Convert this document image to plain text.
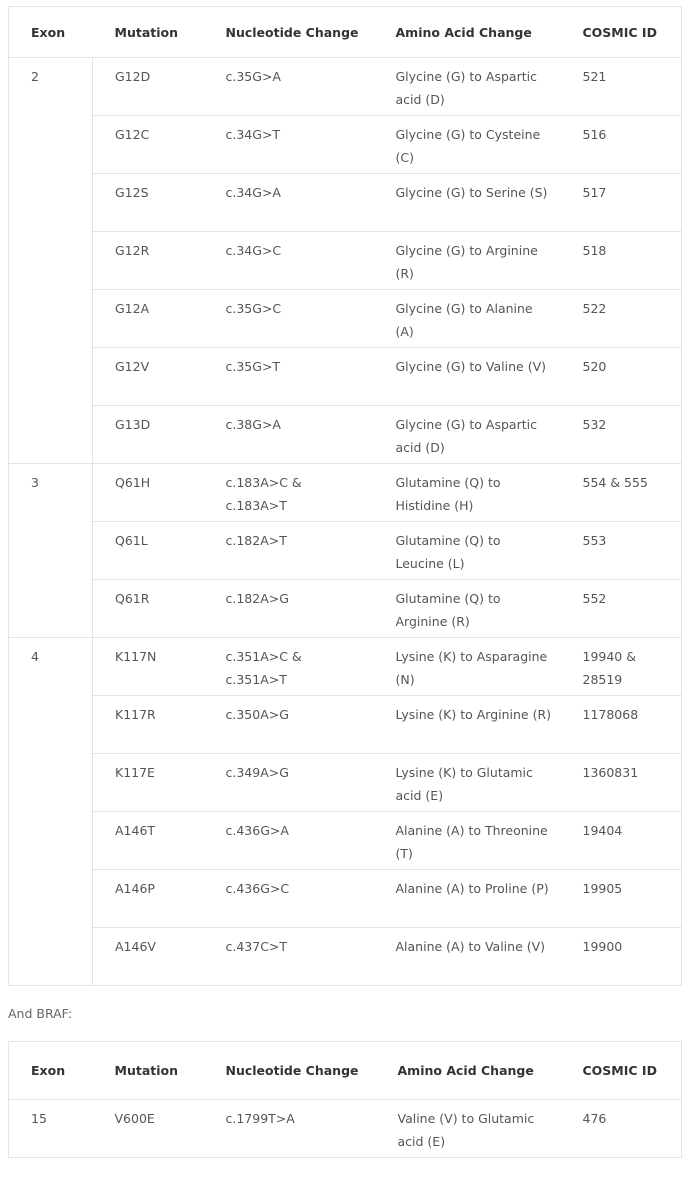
Exon	Mutation	Nucleotide Change	Amino Acid Change	COSMIC ID
2	G12D	c.35G>A	Glycine (G) to Aspartic acid (D)	521
	G12C	c.34G>T	Glycine (G) to Cysteine (C)	516
	G12S	c.34G>A	Glycine (G) to Serine (S)	517
	G12R	c.34G>C	Glycine (G) to Arginine (R)	518
	G12A	c.35G>C	Glycine (G) to Alanine (A)	522
	G12V	c.35G>T	Glycine (G) to Valine (V)	520
	G13D	c.38G>A	Glycine (G) to Aspartic acid (D)	532
3	Q61H	c.183A>C & c.183A>T	Glutamine (Q) to Histidine (H)	554 & 555
	Q61L	c.182A>T	Glutamine (Q) to Leucine (L)	553
	Q61R	c.182A>G	Glutamine (Q) to Arginine (R)	552
4	K117N	c.351A>C & c.351A>T	Lysine (K) to Asparagine (N)	19940 & 28519
	K117R	c.350A>G	Lysine (K) to Arginine (R)	1178068
	K117E	c.349A>G	Lysine (K) to Glutamic acid (E)	1360831
	A146T	c.436G>A	Alanine (A) to Threonine (T)	19404
	A146P	c.436G>C	Alanine (A) to Proline (P)	19905
	A146V	c.437C>T	Alanine (A) to Valine (V)	19900
And BRAF:
Exon	Mutation	Nucleotide Change	Amino Acid Change	COSMIC ID
15	V600E	c.1799T>A	Valine (V) to Glutamic acid (E)	476
